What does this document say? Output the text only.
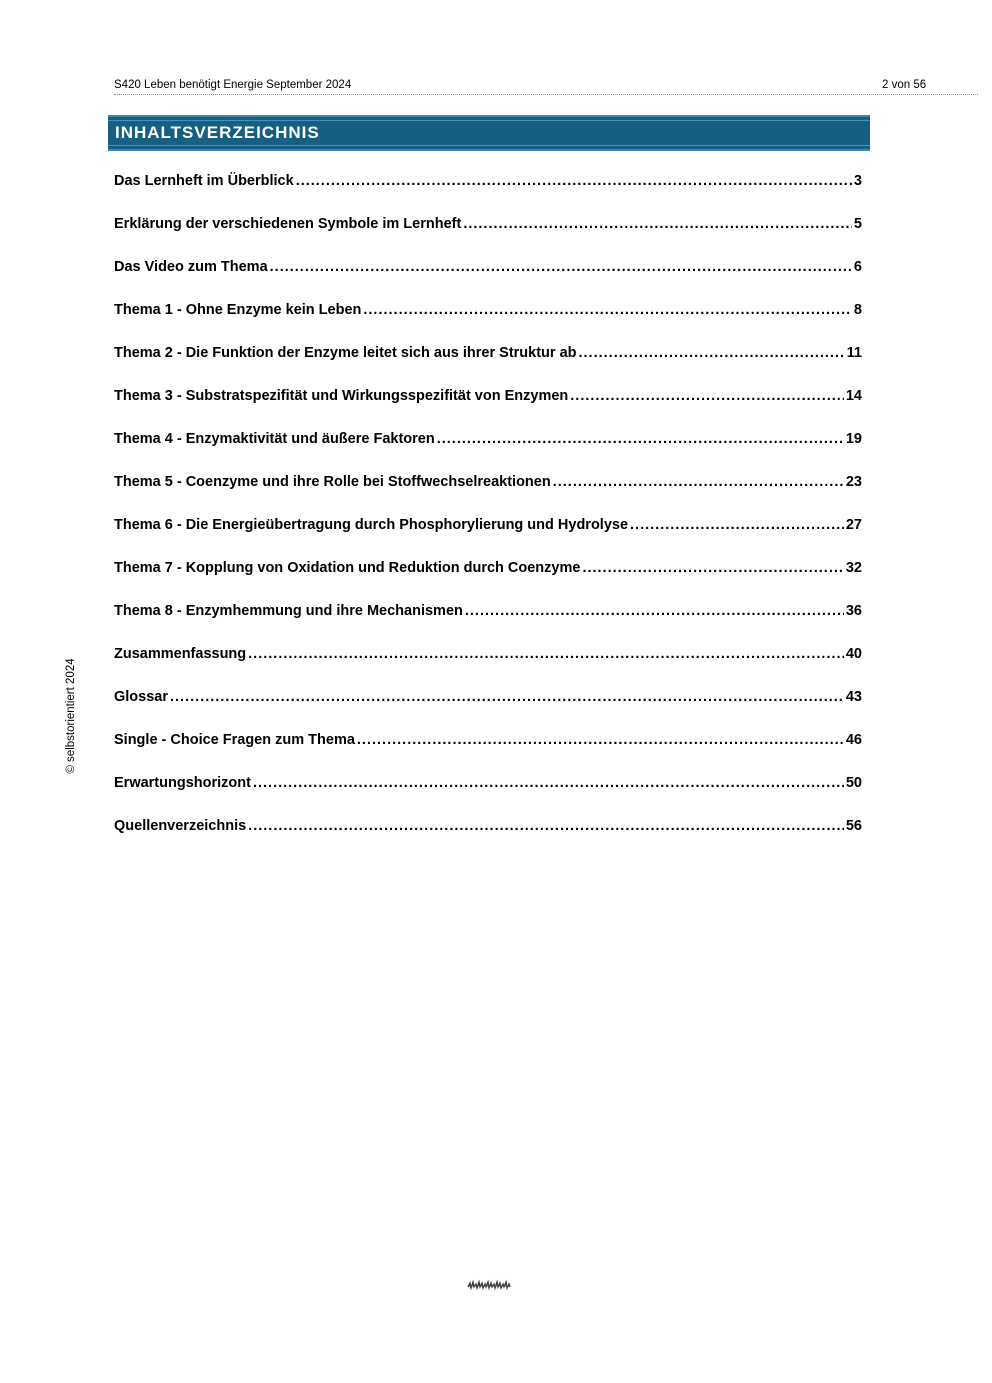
S420 Leben benötigt Energie September 2024	2 von 56
INHALTSVERZEICHNIS
Das Lernheft im Überblick .....	3
Erklärung der verschiedenen Symbole im Lernheft .....	5
Das Video zum Thema .....	6
Thema 1 - Ohne Enzyme kein Leben .....	8
Thema 2 - Die Funktion der Enzyme leitet sich aus ihrer Struktur ab .....	11
Thema 3 - Substratspezifität und Wirkungsspezifität von Enzymen .....	14
Thema 4 - Enzymaktivität und äußere Faktoren .....	19
Thema 5 - Coenzyme und ihre Rolle bei Stoffwechselreaktionen .....	23
Thema 6 - Die Energieübertragung durch Phosphorylierung und Hydrolyse .....	27
Thema 7 - Kopplung von Oxidation und Reduktion durch Coenzyme .....	32
Thema 8 - Enzymhemmung und ihre Mechanismen .....	36
Zusammenfassung .....	40
Glossar .....	43
Single - Choice Fragen zum Thema .....	46
Erwartungshorizont .....	50
Quellenverzeichnis .....	56
© selbstorientiert 2024
